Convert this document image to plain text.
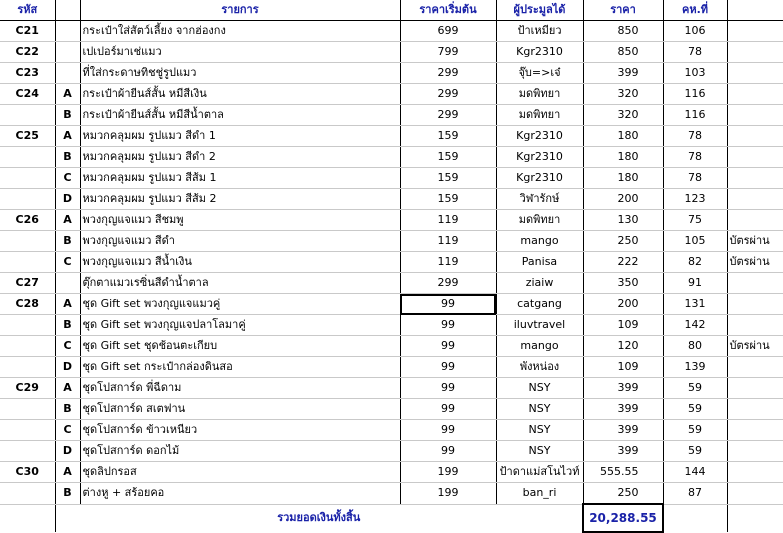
รหัส		รายการ	ราคาเริ่มต้น	ผู้ประมูลได้	ราคา	คห.ที่	
C21		กระเป๋าใส่สัตว์เลี้ยง จากฮ่องกง	699	ป้าเหมียว	850	106	
C22		เปเปอร์มาเช่แมว	799	Kgr2310	850	78	
C23		ที่ใส่กระดาษทิชชู่รูปแมว	299	จุ๊บ=>เจ๋	399	103	
C24	A	กระเป๋าผ้ายีนส์สั้น หมีสีเงิน	299	มดพิทยา	320	116	
	B	กระเป๋าผ้ายีนส์สั้น หมีสีน้ำตาล	299	มดพิทยา	320	116	
C25	A	หมวกคลุมผม รูปแมว สีดำ 1	159	Kgr2310	180	78	
	B	หมวกคลุมผม รูปแมว สีดำ 2	159	Kgr2310	180	78	
	C	หมวกคลุมผม รูปแมว สีส้ม 1	159	Kgr2310	180	78	
	D	หมวกคลุมผม รูปแมว สีส้ม 2	159	วิฬารักษ์	200	123	
C26	A	พวงกุญแจแมว สีชมพู	119	มดพิทยา	130	75	
	B	พวงกุญแจแมว สีดำ	119	mango	250	105	บัตรผ่าน
	C	พวงกุญแจแมว สีน้ำเงิน	119	Panisa	222	82	บัตรผ่าน
C27		ตุ๊กตาแมวเรซิ่นสีดำน้ำตาล	299	ziaiw	350	91	
C28	A	ชุด Gift set พวงกุญแจแมวคู่	99	catgang	200	131	
	B	ชุด Gift set พวงกุญแจปลาโลมาคู่	99	iluvtravel	109	142	
	C	ชุด Gift set ชุดช้อนตะเกียบ	99	mango	120	80	บัตรผ่าน
	D	ชุด Gift set กระเป๋ากล่องดินสอ	99	พังหน่อง	109	139	
C29	A	ชุดโปสการ์ด พี่ฉีดาม	99	NSY	399	59	
	B	ชุดโปสการ์ด สเตฟาน	99	NSY	399	59	
	C	ชุดโปสการ์ด ข้าวเหนียว	99	NSY	399	59	
	D	ชุดโปสการ์ด ดอกไม้	99	NSY	399	59	
C30	A	ชุดลิปกรอส	199	ป้าดาแม่สโนไวท์	555.55	144	
	B	ต่างหู + สร้อยคอ	199	ban_ri	250	87	
	รวมยอดเงินทั้งสิ้น				20,288.55		
